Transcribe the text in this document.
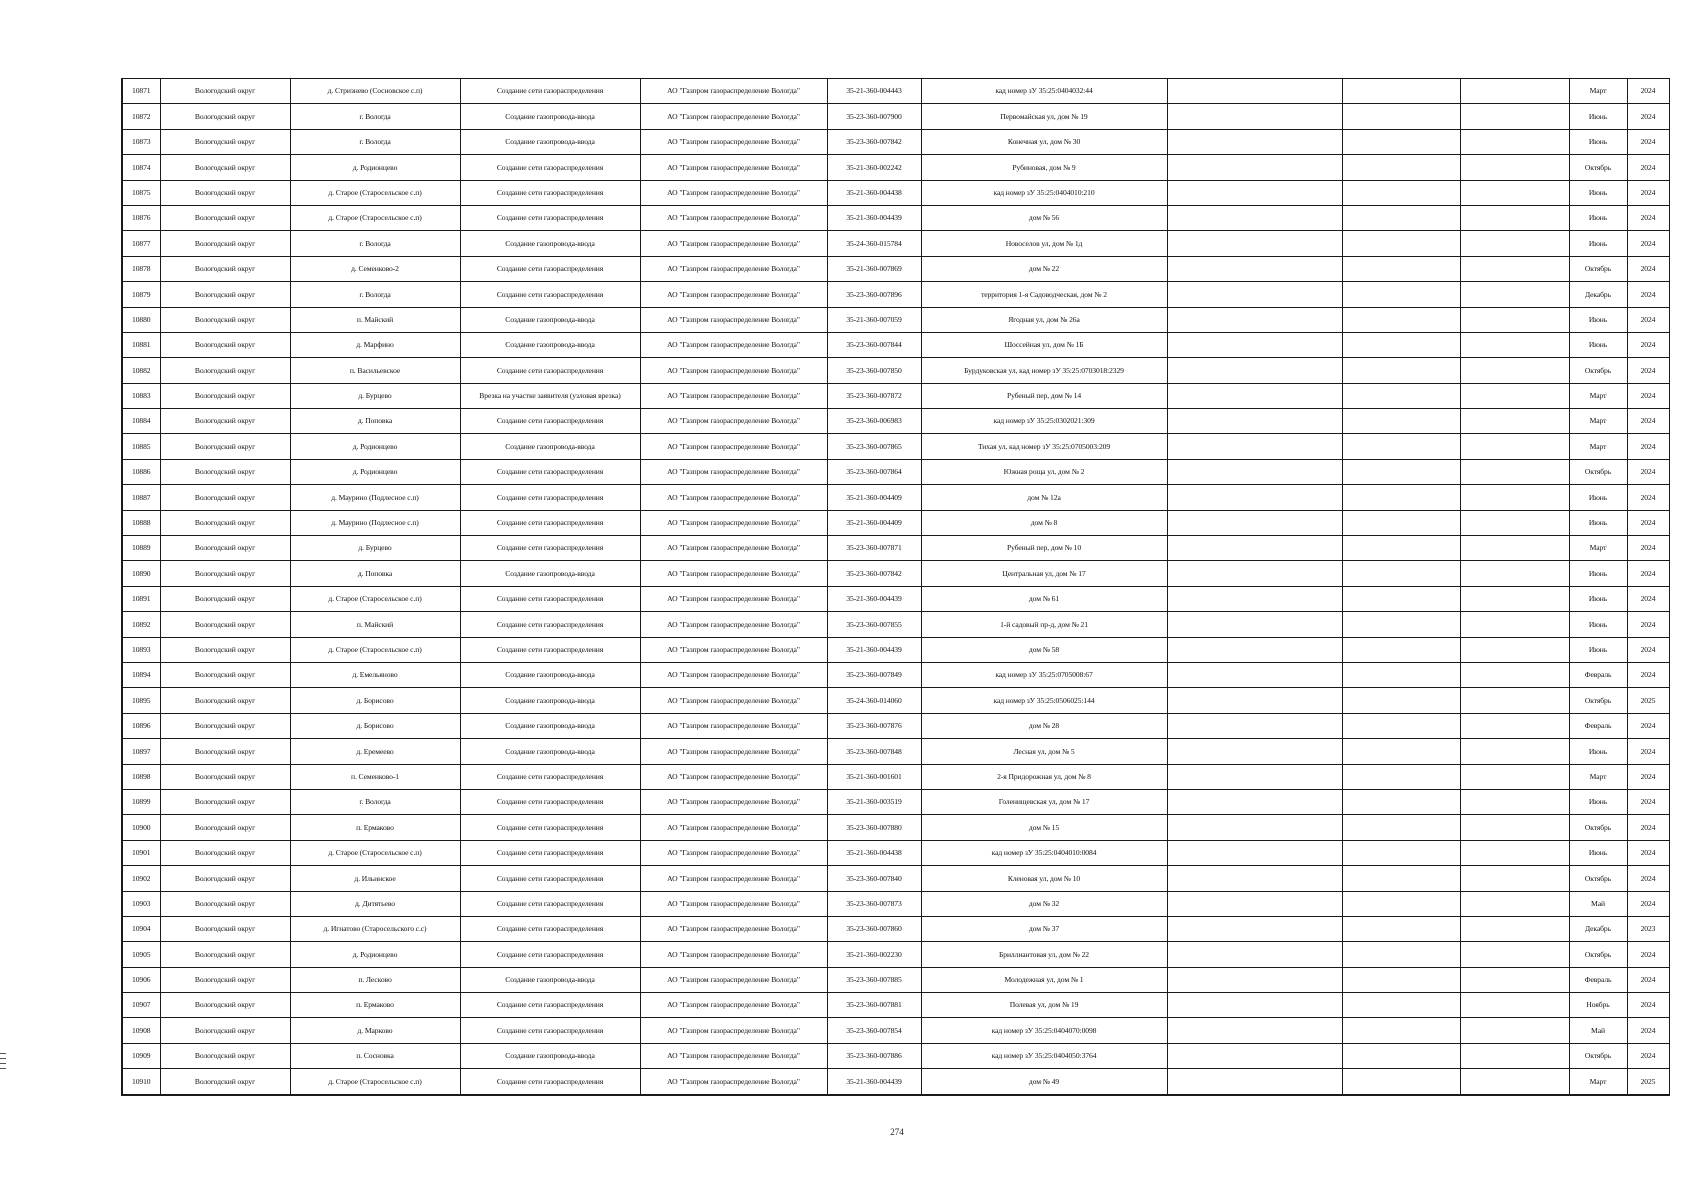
10871	Вологодский округ	д. Стризнево (Сосновское с.п)	Создание сети газораспределения	АО "Газпром газораспределение Вологда"	35-21-360-004443	кад номер зУ 35:25:0404032:44				Март	2024
10872	Вологодский округ	г. Вологда	Создание газопровода-ввода	АО "Газпром газораспределение Вологда"	35-23-360-007900	Первомайская ул, дом № 19				Июнь	2024
10873	Вологодский округ	г. Вологда	Создание газопровода-ввода	АО "Газпром газораспределение Вологда"	35-23-360-007842	Конечная ул, дом № 30				Июнь	2024
10874	Вологодский округ	д. Родионцево	Создание сети газораспределения	АО "Газпром газораспределение Вологда"	35-21-360-002242	Рубиновая, дом № 9				Октябрь	2024
10875	Вологодский округ	д. Старое (Старосельское с.п)	Создание сети газораспределения	АО "Газпром газораспределение Вологда"	35-21-360-004438	кад номер зУ 35:25:0404010:210				Июнь	2024
10876	Вологодский округ	д. Старое (Старосельское с.п)	Создание сети газораспределения	АО "Газпром газораспределение Вологда"	35-21-360-004439	дом № 56				Июнь	2024
10877	Вологодский округ	г. Вологда	Создание газопровода-ввода	АО "Газпром газораспределение Вологда"	35-24-360-015784	Новоселов ул, дом № 1д				Июнь	2024
10878	Вологодский округ	д. Семенково-2	Создание сети газораспределения	АО "Газпром газораспределение Вологда"	35-21-360-007869	дом № 22				Октябрь	2024
10879	Вологодский округ	г. Вологда	Создание сети газораспределения	АО "Газпром газораспределение Вологда"	35-23-360-007896	территория 1-я Садоводческая, дом № 2				Декабрь	2024
10880	Вологодский округ	п. Майский	Создание газопровода-ввода	АО "Газпром газораспределение Вологда"	35-21-360-007059	Ягодная ул, дом № 26а				Июнь	2024
10881	Вологодский округ	д. Марфино	Создание газопровода-ввода	АО "Газпром газораспределение Вологда"	35-23-360-007844	Шоссейная ул, дом № 1Б				Июнь	2024
10882	Вологодский округ	п. Васильевское	Создание сети газораспределения	АО "Газпром газораспределение Вологда"	35-23-360-007850	Бурдуковская ул, кад номер зУ 35:25:0703018:2329				Октябрь	2024
10883	Вологодский округ	д. Бурцево	Врезка на участке заявителя (узловая врезка)	АО "Газпром газораспределение Вологда"	35-23-360-007872	Рубеный пер, дом № 14				Март	2024
10884	Вологодский округ	д. Поповка	Создание сети газораспределения	АО "Газпром газораспределение Вологда"	35-23-360-006983	кад номер зУ 35:25:0302021:309				Март	2024
10885	Вологодский округ	д. Родионцево	Создание газопровода-ввода	АО "Газпром газораспределение Вологда"	35-23-360-007865	Тихая ул, кад номер зУ 35:25:0705003:209				Март	2024
10886	Вологодский округ	д. Родионцево	Создание сети газораспределения	АО "Газпром газораспределение Вологда"	35-23-360-007864	Южная роща ул, дом № 2				Октябрь	2024
10887	Вологодский округ	д. Маурино (Подлесное с.п)	Создание сети газораспределения	АО "Газпром газораспределение Вологда"	35-21-360-004409	дом № 12а				Июнь	2024
10888	Вологодский округ	д. Маурино (Подлесное с.п)	Создание сети газораспределения	АО "Газпром газораспределение Вологда"	35-21-360-004409	дом № 8				Июнь	2024
10889	Вологодский округ	д. Бурцево	Создание сети газораспределения	АО "Газпром газораспределение Вологда"	35-23-360-007871	Рубеный пер, дом № 10				Март	2024
10890	Вологодский округ	д. Поповка	Создание газопровода-ввода	АО "Газпром газораспределение Вологда"	35-23-360-007842	Центральная ул, дом № 17				Июнь	2024
10891	Вологодский округ	д. Старое (Старосельское с.п)	Создание сети газораспределения	АО "Газпром газораспределение Вологда"	35-21-360-004439	дом № 61				Июнь	2024
10892	Вологодский округ	п. Майский	Создание сети газораспределения	АО "Газпром газораспределение Вологда"	35-23-360-007855	1-й садовый пр-д, дом № 21				Июнь	2024
10893	Вологодский округ	д. Старое (Старосельское с.п)	Создание сети газораспределения	АО "Газпром газораспределение Вологда"	35-21-360-004439	дом № 58				Июнь	2024
10894	Вологодский округ	д. Емельяново	Создание газопровода-ввода	АО "Газпром газораспределение Вологда"	35-23-360-007849	кад номер зУ 35:25:0705008:67				Февраль	2024
10895	Вологодский округ	д. Борисово	Создание газопровода-ввода	АО "Газпром газораспределение Вологда"	35-24-360-014060	кад номер зУ 35:25:0506025:144				Октябрь	2025
10896	Вологодский округ	д. Борисово	Создание газопровода-ввода	АО "Газпром газораспределение Вологда"	35-23-360-007876	дом № 28				Февраль	2024
10897	Вологодский округ	д. Еремеево	Создание газопровода-ввода	АО "Газпром газораспределение Вологда"	35-23-360-007848	Лесная ул, дом № 5				Июнь	2024
10898	Вологодский округ	п. Семенково-1	Создание сети газораспределения	АО "Газпром газораспределение Вологда"	35-21-360-001601	2-я Придорожная ул, дом № 8				Март	2024
10899	Вологодский округ	г. Вологда	Создание сети газораспределения	АО "Газпром газораспределение Вологда"	35-21-360-003519	Голенищевская ул, дом № 17				Июнь	2024
10900	Вологодский округ	п. Ермаково	Создание сети газораспределения	АО "Газпром газораспределение Вологда"	35-23-360-007880	дом № 15				Октябрь	2024
10901	Вологодский округ	д. Старое (Старосельское с.п)	Создание сети газораспределения	АО "Газпром газораспределение Вологда"	35-21-360-004438	кад номер зУ 35:25:0404010:0084				Июнь	2024
10902	Вологодский округ	д. Ильинское	Создание сети газораспределения	АО "Газпром газораспределение Вологда"	35-23-360-007840	Кленовая ул, дом № 10				Октябрь	2024
10903	Вологодский округ	д. Дитятьево	Создание сети газораспределения	АО "Газпром газораспределение Вологда"	35-23-360-007873	дом № 32				Май	2024
10904	Вологодский округ	д. Игнатово (Старосельского с.с)	Создание сети газораспределения	АО "Газпром газораспределение Вологда"	35-23-360-007860	дом № 37				Декабрь	2023
10905	Вологодский округ	д. Родионцево	Создание сети газораспределения	АО "Газпром газораспределение Вологда"	35-21-360-002230	Бриллиантовая ул, дом № 22				Октябрь	2024
10906	Вологодский округ	п. Лесково	Создание газопровода-ввода	АО "Газпром газораспределение Вологда"	35-23-360-007885	Молодежная ул, дом № 1				Февраль	2024
10907	Вологодский округ	п. Ермаково	Создание сети газораспределения	АО "Газпром газораспределение Вологда"	35-23-360-007881	Полевая ул, дом № 19				Ноябрь	2024
10908	Вологодский округ	д. Марково	Создание сети газораспределения	АО "Газпром газораспределение Вологда"	35-23-360-007854	кад номер зУ 35:25:0404070:0098				Май	2024
10909	Вологодский округ	п. Сосновка	Создание газопровода-ввода	АО "Газпром газораспределение Вологда"	35-23-360-007886	кад номер зУ 35:25:0404050:3764				Октябрь	2024
10910	Вологодский округ	д. Старое (Старосельское с.п)	Создание сети газораспределения	АО "Газпром газораспределение Вологда"	35-21-360-004439	дом № 49				Март	2025
274
